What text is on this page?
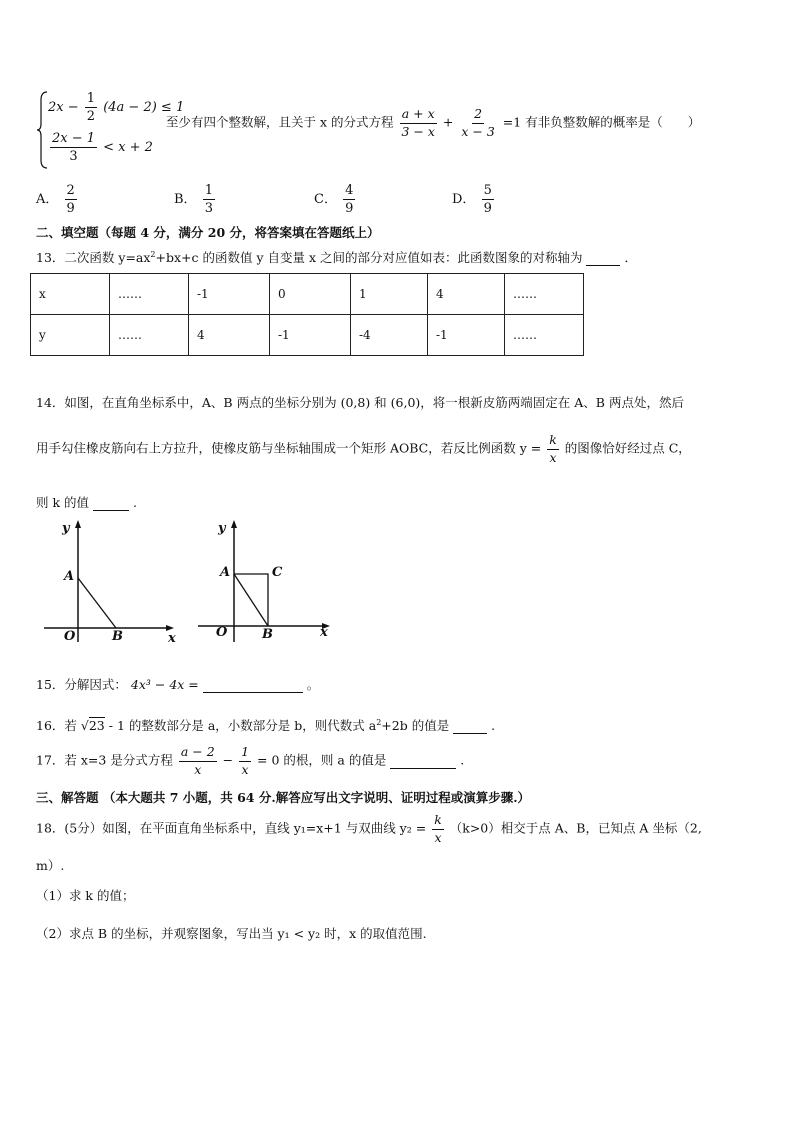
$2x - \frac{1}{2} (4a - 2) \le 1$
$\frac{2x - 1}{3} < x + 2$
至少有四个整数解，且关于 x 的分式方程 $\frac{a + x}{3 - x} + \frac{2}{x - 3} =1$ 有非负整数解的概率是（　　）
A． $\frac{2}{9}$	B． $\frac{1}{3}$	C． $\frac{4}{9}$	D． $\frac{5}{9}$
二、填空题（每题 4 分，满分 20 分，将答案填在答题纸上）
13．二次函数 $y=ax^2+bx+c$ 的函数值 y 自变量 x 之间的部分对应值如表：此函数图象的对称轴为	．
x	……	-1	0	1	4	……
y	……	4	-1	-4	-1	……
14．如图，在直角坐标系中，A、B 两点的坐标分别为 (0,8) 和 (6,0)，将一根新皮筋两端固定在 A、B 两点处，然后
用手勾住橡皮筋向右上方拉升，使橡皮筋与坐标轴围成一个矩形 AOBC，若反比例函数 $y = \frac{k}{x}$ 的图像恰好经过点 C，
则 k 的值	.
y
A
O	B	x
y
A	C
O	B	x
15．分解因式： 4x³ − 4x =	。
16．若 √23 - 1 的整数部分是 a，小数部分是 b，则代数式 $a^2+2b$ 的值是	.
17．若 x=3 是分式方程 $\frac{a - 2}{x} - \frac{1}{x} = 0$ 的根，则 a 的值是	.
三、解答题 （本大题共 7 小题，共 64 分.解答应写出文字说明、证明过程或演算步骤.）
18．(5分）如图，在平面直角坐标系中，直线 y₁=x+1 与双曲线 $y_2 = \frac{k}{x} (k>0)$相交于点 A、B，已知点 A 坐标（2,
m）.
（1）求 k 的值；
（2）求点 B 的坐标，并观察图象，写出当 y₁ < y₂ 时，x 的取值范围.
